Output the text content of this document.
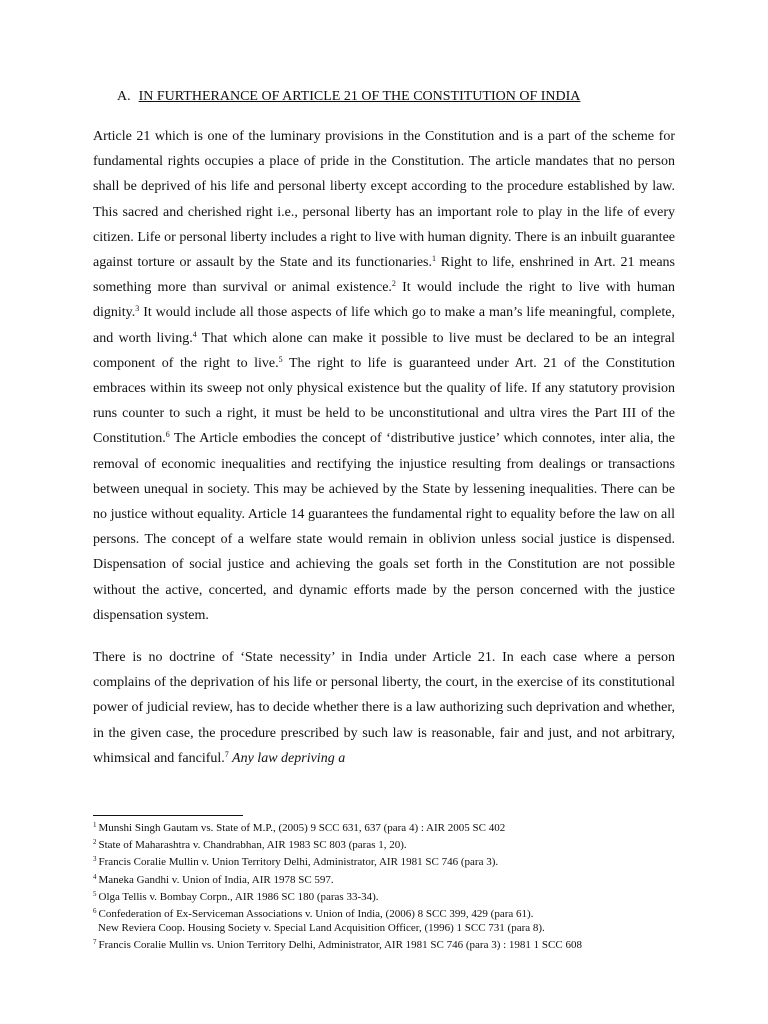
A. IN FURTHERANCE OF ARTICLE 21 OF THE CONSTITUTION OF INDIA

Article 21 which is one of the luminary provisions in the Constitution and is a part of the scheme for fundamental rights occupies a place of pride in the Constitution. The article mandates that no person shall be deprived of his life and personal liberty except according to the procedure established by law. This sacred and cherished right i.e., personal liberty has an important role to play in the life of every citizen. Life or personal liberty includes a right to live with human dignity. There is an inbuilt guarantee against torture or assault by the State and its functionaries.$^1$ Right to life, enshrined in Art. 21 means something more than survival or animal existence.$^2$ It would include the right to live with human dignity.$^3$ It would include all those aspects of life which go to make a man’s life meaningful, complete, and worth living.$^4$ That which alone can make it possible to live must be declared to be an integral component of the right to live.$^5$ The right to life is guaranteed under Art. 21 of the Constitution embraces within its sweep not only physical existence but the quality of life. If any statutory provision runs counter to such a right, it must be held to be unconstitutional and ultra vires the Part III of the Constitution.$^6$ The Article embodies the concept of ‘distributive justice’ which connotes, inter alia, the removal of economic inequalities and rectifying the injustice resulting from dealings or transactions between unequal in society. This may be achieved by the State by lessening inequalities. There can be no justice without equality. Article 14 guarantees the fundamental right to equality before the law on all persons. The concept of a welfare state would remain in oblivion unless social justice is dispensed. Dispensation of social justice and achieving the goals set forth in the Constitution are not possible without the active, concerted, and dynamic efforts made by the person concerned with the justice dispensation system.

There is no doctrine of ‘State necessity’ in India under Article 21. In each case where a person complains of the deprivation of his life or personal liberty, the court, in the exercise of its constitutional power of judicial review, has to decide whether there is a law authorizing such deprivation and whether, in the given case, the procedure prescribed by such law is reasonable, fair and just, and not arbitrary, whimsical and fanciful.$^7$ Any law depriving a

$^1$ Munshi Singh Gautam vs. State of M.P., (2005) 9 SCC 631, 637 (para 4) : AIR 2005 SC 402

$^2$ State of Maharashtra v. Chandrabhan, AIR 1983 SC 803 (paras 1, 20).

$^3$ Francis Coralie Mullin v. Union Territory Delhi, Administrator, AIR 1981 SC 746 (para 3).

$^4$ Maneka Gandhi v. Union of India, AIR 1978 SC 597.

$^5$ Olga Tellis v. Bombay Corpn., AIR 1986 SC 180 (paras 33-34).

$^6$ Confederation of Ex-Serviceman Associations v. Union of India, (2006) 8 SCC 399, 429 (para 61).

New Reviera Coop. Housing Society v. Special Land Acquisition Officer, (1996) 1 SCC 731 (para 8).

$^7$ Francis Coralie Mullin vs. Union Territory Delhi, Administrator, AIR 1981 SC 746 (para 3) : 1981 1 SCC 608
